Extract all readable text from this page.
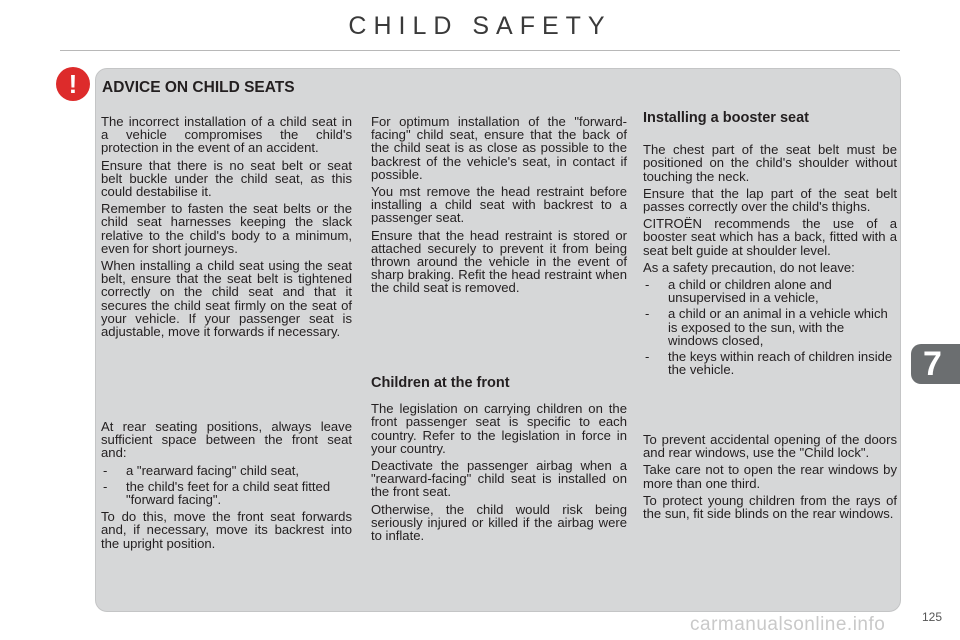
CHILD SAFETY
!	ADVICE ON CHILD SEATS

The incorrect installation of a child seat in a vehicle compromises the child's protection in the event of an accident.

Ensure that there is no seat belt or seat belt buckle under the child seat, as this could destabilise it.

Remember to fasten the seat belts or the child seat harnesses keeping the slack relative to the child's body to a minimum, even for short journeys.

When installing a child seat using the seat belt, ensure that the seat belt is tightened correctly on the child seat and that it secures the child seat firmly on the seat of your vehicle. If your passenger seat is adjustable, move it forwards if necessary.

At rear seating positions, always leave sufficient space between the front seat and:

- a "rearward facing" child seat,
- the child's feet for a child seat fitted "forward facing".

To do this, move the front seat forwards and, if necessary, move its backrest into the upright position.

For optimum installation of the "forward-facing" child seat, ensure that the back of the child seat is as close as possible to the backrest of the vehicle's seat, in contact if possible.

You mst remove the head restraint before installing a child seat with backrest to a passenger seat.

Ensure that the head restraint is stored or attached securely to prevent it from being thrown around the vehicle in the event of sharp braking. Refit the head restraint when the child seat is removed.

Children at the front

The legislation on carrying children on the front passenger seat is specific to each country. Refer to the legislation in force in your country.

Deactivate the passenger airbag when a "rearward-facing" child seat is installed on the front seat.

Otherwise, the child would risk being seriously injured or killed if the airbag were to inflate.

Installing a booster seat

The chest part of the seat belt must be positioned on the child's shoulder without touching the neck.

Ensure that the lap part of the seat belt passes correctly over the child's thighs.

CITROËN recommends the use of a booster seat which has a back, fitted with a seat belt guide at shoulder level.

As a safety precaution, do not leave:

- a child or children alone and unsupervised in a vehicle,
- a child or an animal in a vehicle which is exposed to the sun, with the windows closed,
- the keys within reach of children inside the vehicle.

To prevent accidental opening of the doors and rear windows, use the "Child lock".

Take care not to open the rear windows by more than one third.

To protect young children from the rays of the sun, fit side blinds on the rear windows.

7
carmanualsonline.info	125
